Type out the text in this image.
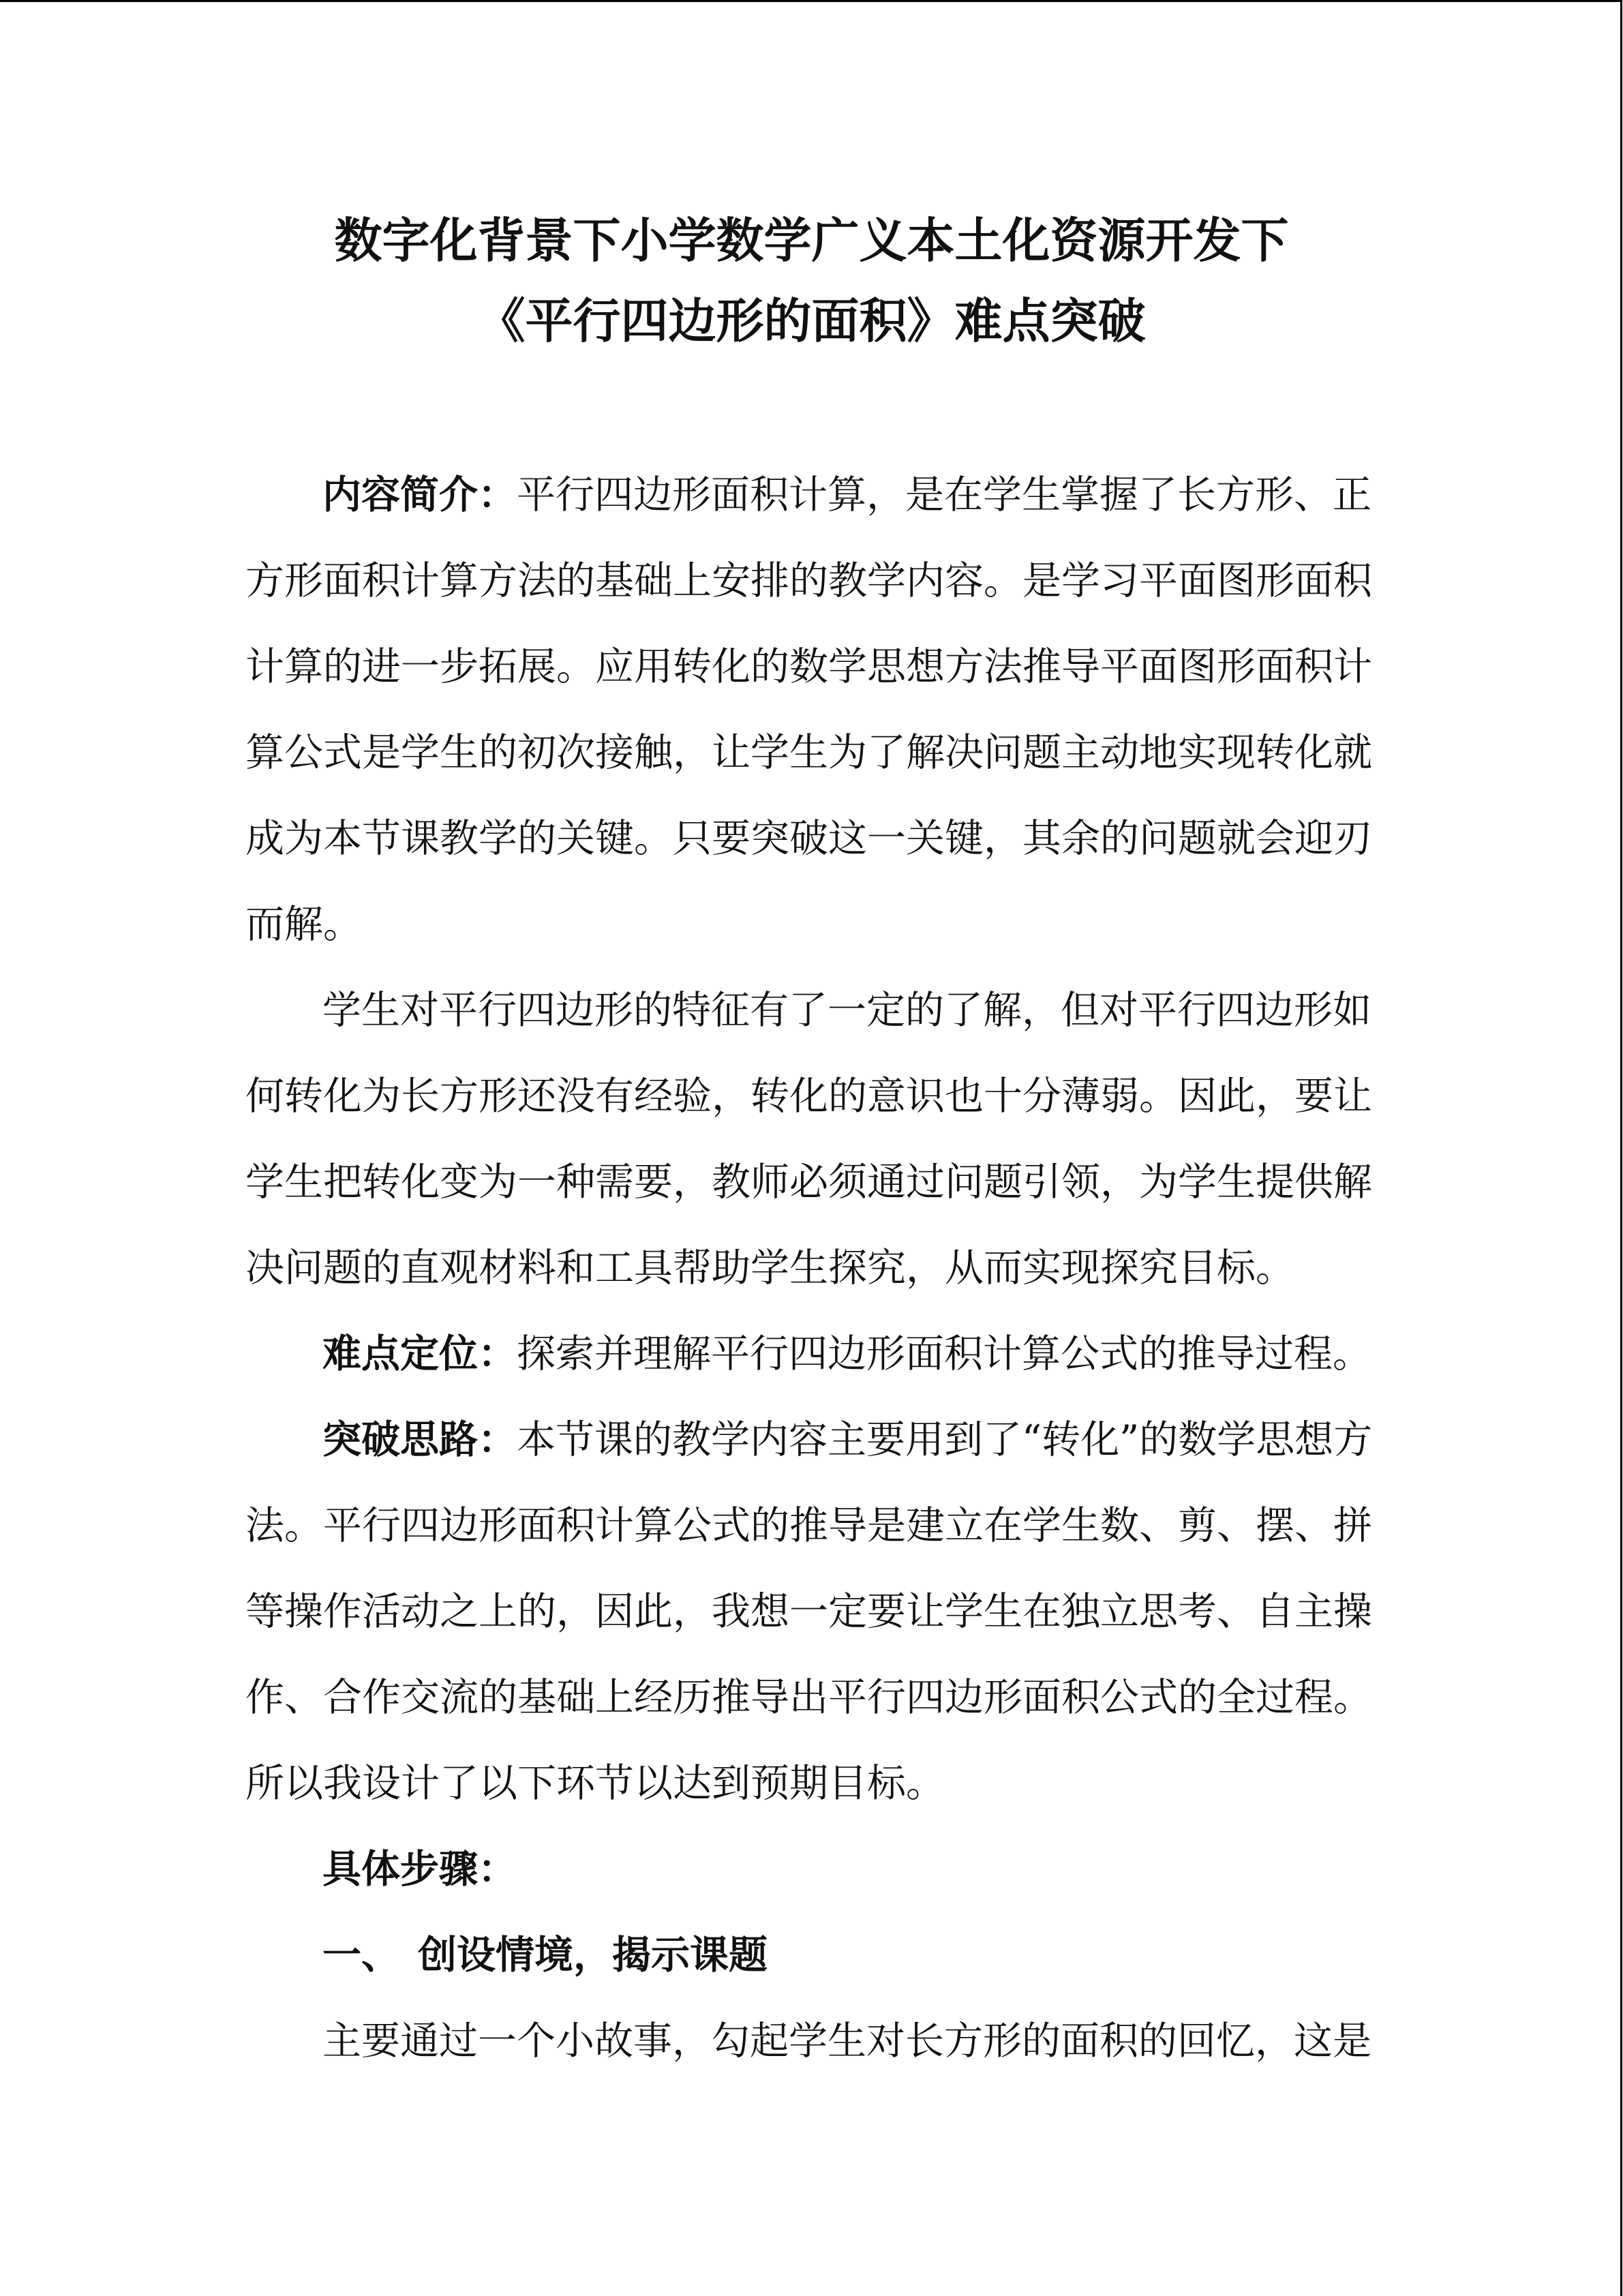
数字化背景下小学数学广义本土化资源开发下
《平行四边形的面积》难点突破
内容简介：平行四边形面积计算，是在学生掌握了长方形、正
方形面积计算方法的基础上安排的教学内容。是学习平面图形面积
计算的进一步拓展。应用转化的数学思想方法推导平面图形面积计
算公式是学生的初次接触，让学生为了解决问题主动地实现转化就
成为本节课教学的关键。只要突破这一关键，其余的问题就会迎刃
而解。
学生对平行四边形的特征有了一定的了解，但对平行四边形如
何转化为长方形还没有经验，转化的意识也十分薄弱。因此，要让
学生把转化变为一种需要，教师必须通过问题引领，为学生提供解
决问题的直观材料和工具帮助学生探究，从而实现探究目标。
难点定位：探索并理解平行四边形面积计算公式的推导过程。
突破思路：本节课的教学内容主要用到了“转化”的数学思想方
法。平行四边形面积计算公式的推导是建立在学生数、剪、摆、拼
等操作活动之上的，因此，我想一定要让学生在独立思考、自主操
作、合作交流的基础上经历推导出平行四边形面积公式的全过程。
所以我设计了以下环节以达到预期目标。
具体步骤：
一、 创设情境，揭示课题
主要通过一个小故事，勾起学生对长方形的面积的回忆，这是
